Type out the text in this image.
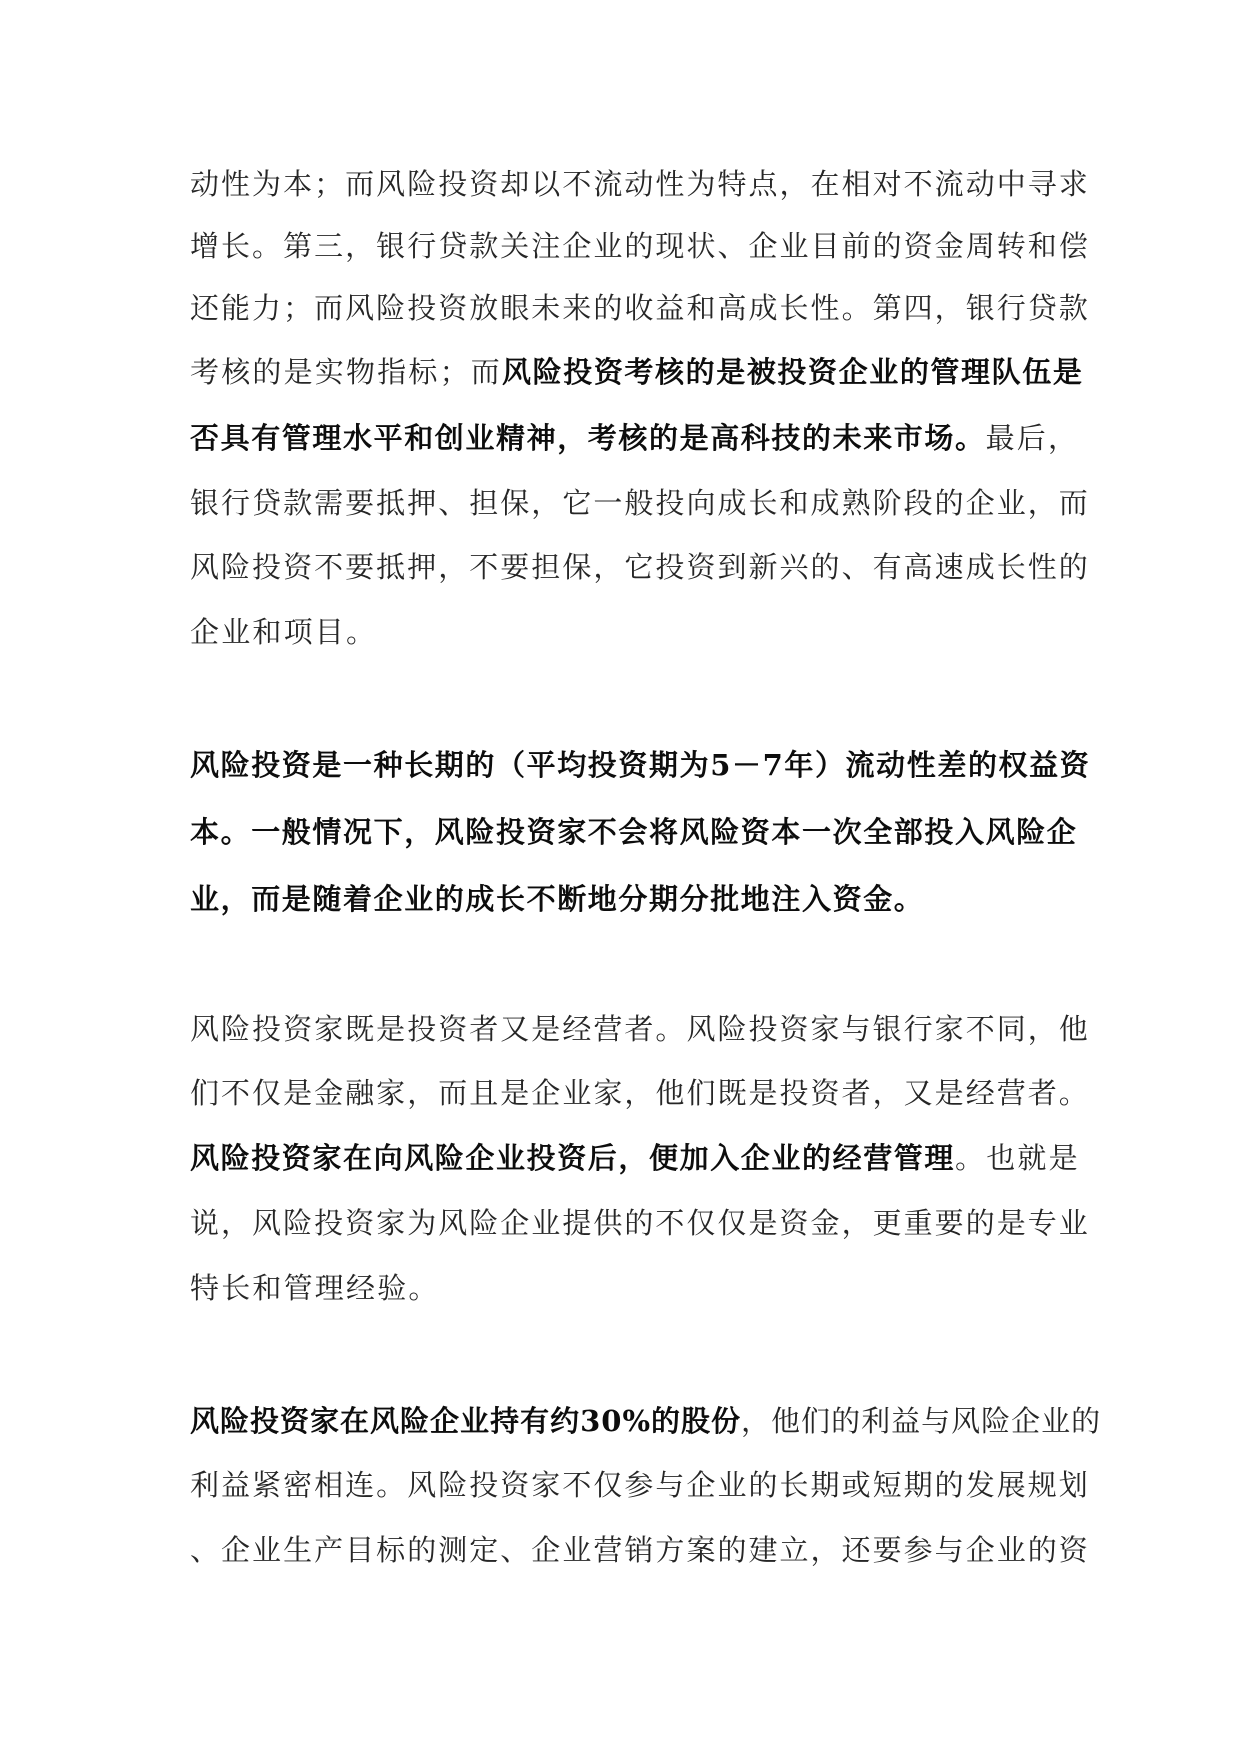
动性为本；而风险投资却以不流动性为特点，在相对不流动中寻求
增长。第三，银行贷款关注企业的现状、企业目前的资金周转和偿
还能力；而风险投资放眼未来的收益和高成长性。第四，银行贷款
考核的是实物指标；而风险投资考核的是被投资企业的管理队伍是
否具有管理水平和创业精神，考核的是高科技的未来市场。最后，
银行贷款需要抵押、担保，它一般投向成长和成熟阶段的企业，而
风险投资不要抵押，不要担保，它投资到新兴的、有高速成长性的
企业和项目。
风险投资是一种长期的（平均投资期为5－7年）流动性差的权益资
本。一般情况下，风险投资家不会将风险资本一次全部投入风险企
业，而是随着企业的成长不断地分期分批地注入资金。
风险投资家既是投资者又是经营者。风险投资家与银行家不同，他
们不仅是金融家，而且是企业家，他们既是投资者，又是经营者。
风险投资家在向风险企业投资后，便加入企业的经营管理。也就是
说，风险投资家为风险企业提供的不仅仅是资金，更重要的是专业
特长和管理经验。
风险投资家在风险企业持有约30%的股份，他们的利益与风险企业的
利益紧密相连。风险投资家不仅参与企业的长期或短期的发展规划
、企业生产目标的测定、企业营销方案的建立，还要参与企业的资
